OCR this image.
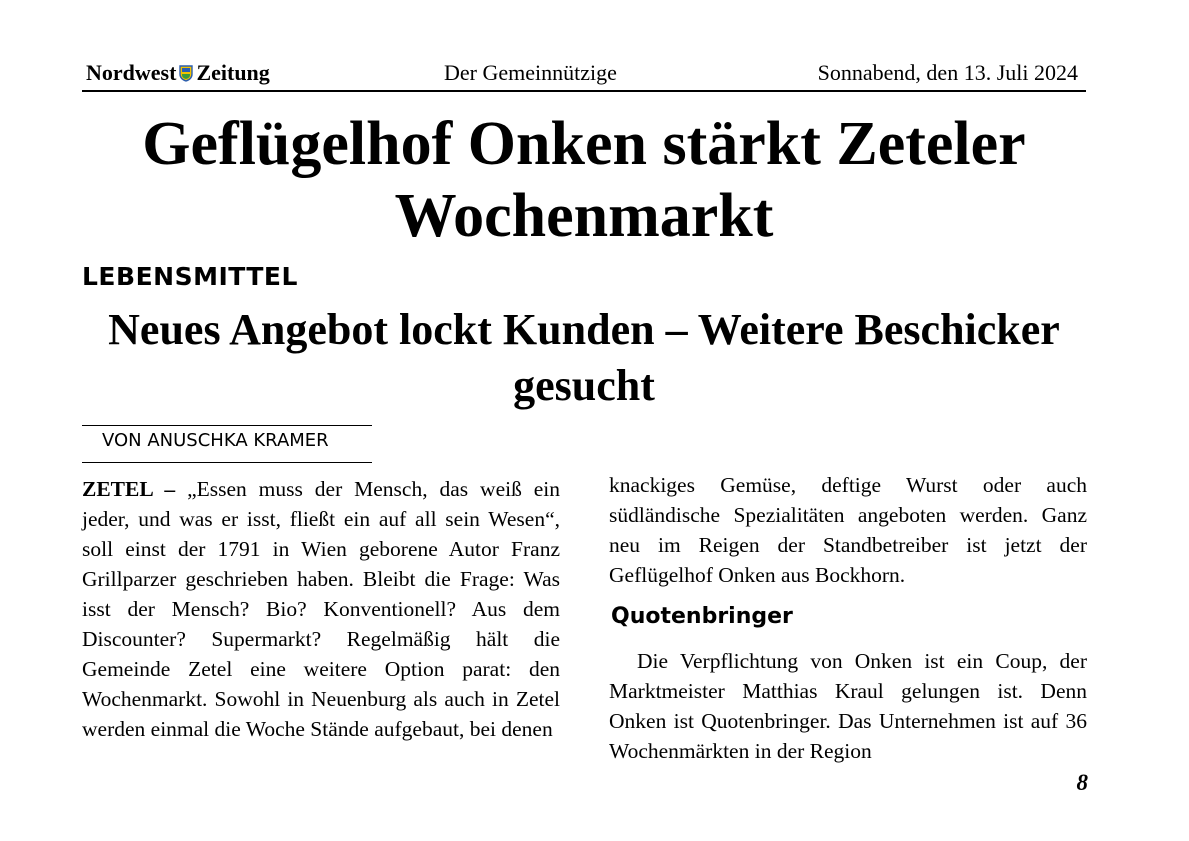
Nordwest Zeitung	Der Gemeinnützige	Sonnabend, den 13. Juli 2024
Geflügelhof Onken stärkt Zeteler Wochenmarkt
LEBENSMITTEL
Neues Angebot lockt Kunden – Weitere Beschicker gesucht
VON ANUSCHKA KRAMER

ZETEL – „Essen muss der Mensch, das weiß ein jeder, und was er isst, fließt ein auf all sein Wesen“, soll einst der 1791 in Wien geborene Autor Franz Grillparzer geschrieben haben. Bleibt die Frage: Was isst der Mensch? Bio? Konventionell? Aus dem Discounter? Supermarkt? Regelmäßig hält die Gemeinde Zetel eine weitere Option parat: den Wochenmarkt. Sowohl in Neuenburg als auch in Zetel werden einmal die Woche Stände aufgebaut, bei denen

knackiges Gemüse, deftige Wurst oder auch südländische Spezialitäten angeboten werden. Ganz neu im Reigen der Standbetreiber ist jetzt der Geflügelhof Onken aus Bockhorn.

Quotenbringer

Die Verpflichtung von Onken ist ein Coup, der Marktmeister Matthias Kraul gelungen ist. Denn Onken ist Quotenbringer. Das Unternehmen ist auf 36 Wochenmärkten in der Region

8
